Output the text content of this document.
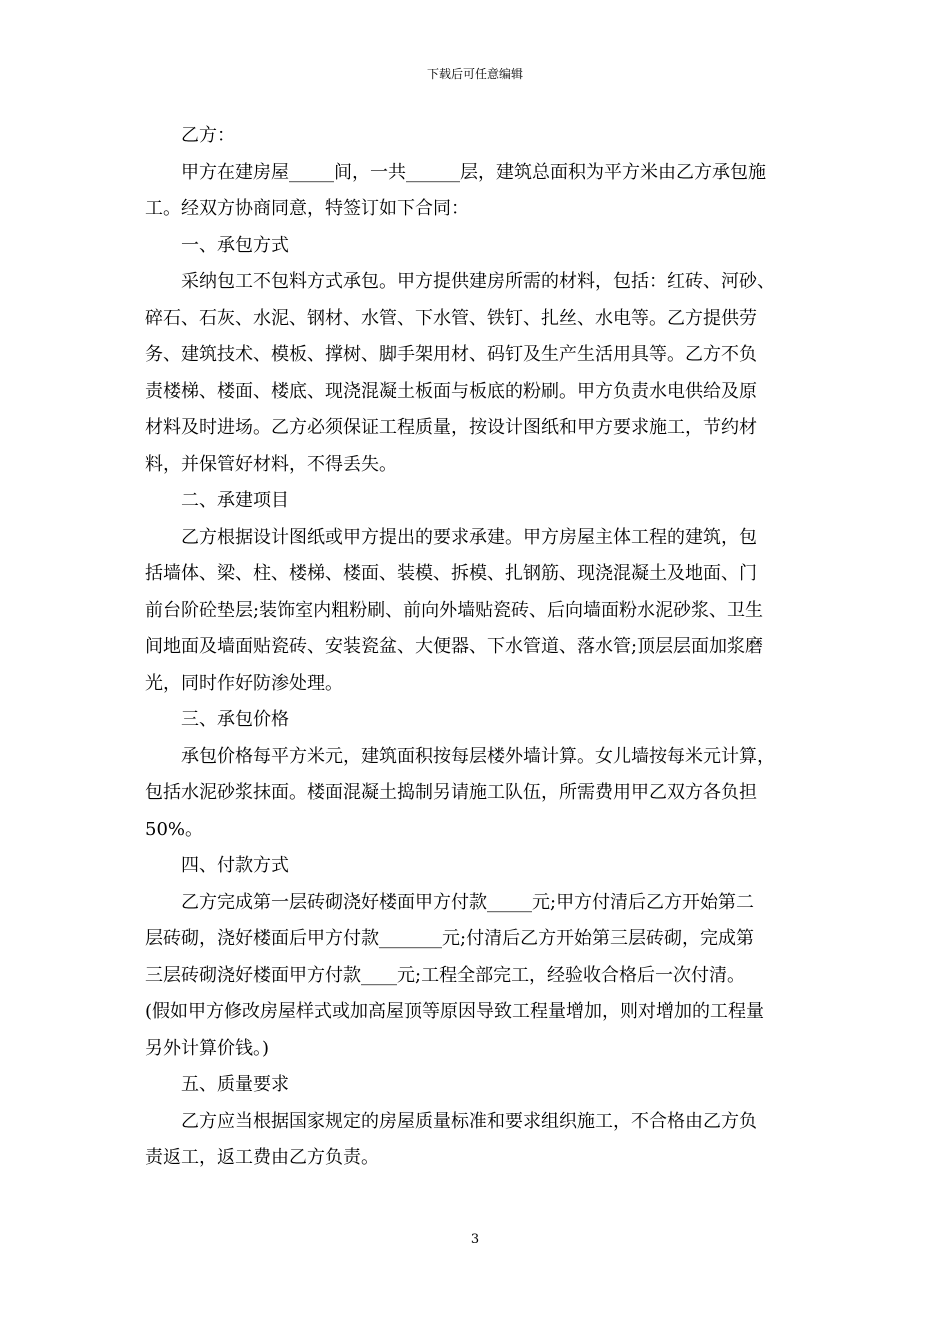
下载后可任意编辑
乙方：
甲方在建房屋_____间，一共______层，建筑总面积为平方米由乙方承包施
工。经双方协商同意，特签订如下合同：
一、承包方式
采纳包工不包料方式承包。甲方提供建房所需的材料，包括：红砖、河砂、
碎石、石灰、水泥、钢材、水管、下水管、铁钉、扎丝、水电等。乙方提供劳
务、建筑技术、模板、撑树、脚手架用材、码钉及生产生活用具等。乙方不负
责楼梯、楼面、楼底、现浇混凝土板面与板底的粉刷。甲方负责水电供给及原
材料及时进场。乙方必须保证工程质量，按设计图纸和甲方要求施工，节约材
料，并保管好材料，不得丢失。
二、承建项目
乙方根据设计图纸或甲方提出的要求承建。甲方房屋主体工程的建筑，包
括墙体、梁、柱、楼梯、楼面、装模、拆模、扎钢筋、现浇混凝土及地面、门
前台阶砼垫层;装饰室内粗粉刷、前向外墙贴瓷砖、后向墙面粉水泥砂浆、卫生
间地面及墙面贴瓷砖、安装瓷盆、大便器、下水管道、落水管;顶层层面加浆磨
光，同时作好防渗处理。
三、承包价格
承包价格每平方米元，建筑面积按每层楼外墙计算。女儿墙按每米元计算，
包括水泥砂浆抹面。楼面混凝土捣制另请施工队伍，所需费用甲乙双方各负担
50%。
四、付款方式
乙方完成第一层砖砌浇好楼面甲方付款_____元;甲方付清后乙方开始第二
层砖砌，浇好楼面后甲方付款_______元;付清后乙方开始第三层砖砌，完成第
三层砖砌浇好楼面甲方付款____元;工程全部完工，经验收合格后一次付清。
(假如甲方修改房屋样式或加高屋顶等原因导致工程量增加，则对增加的工程量
另外计算价钱。)
五、质量要求
乙方应当根据国家规定的房屋质量标准和要求组织施工，不合格由乙方负
责返工，返工费由乙方负责。
3
